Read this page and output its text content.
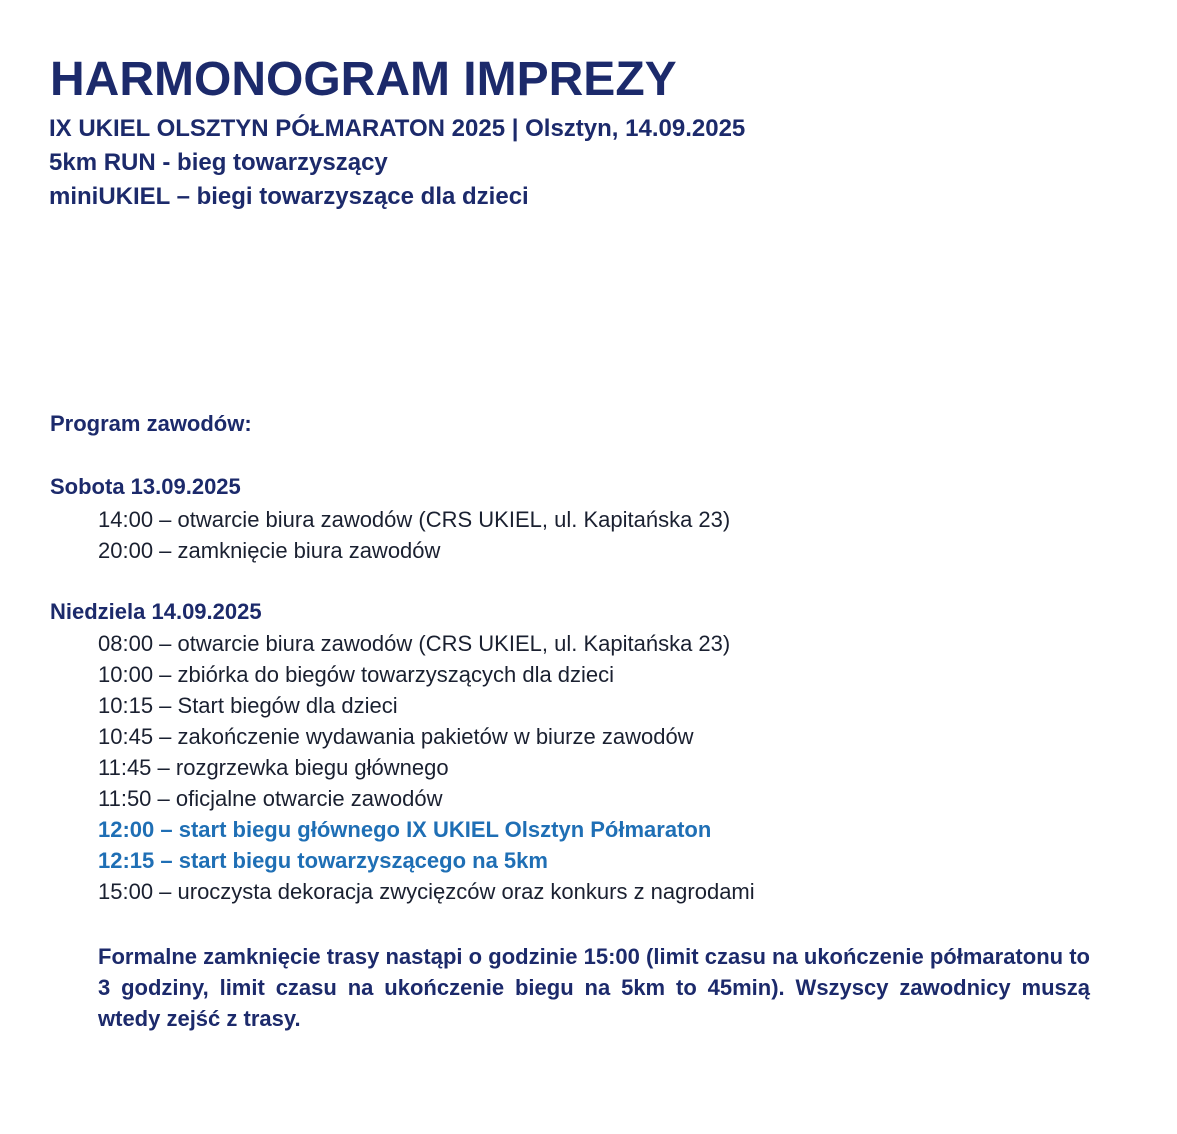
HARMONOGRAM IMPREZY
IX UKIEL OLSZTYN PÓŁMARATON 2025 | Olsztyn, 14.09.2025
5km RUN - bieg towarzyszący
miniUKIEL – biegi towarzyszące dla dzieci
Program zawodów:
Sobota 13.09.2025
14:00 – otwarcie biura zawodów (CRS UKIEL, ul. Kapitańska 23)
20:00 – zamknięcie biura zawodów
Niedziela 14.09.2025
08:00 – otwarcie biura zawodów (CRS UKIEL, ul. Kapitańska 23)
10:00 – zbiórka do biegów towarzyszących dla dzieci
10:15 – Start biegów dla dzieci
10:45 – zakończenie wydawania pakietów w biurze zawodów
11:45 – rozgrzewka biegu głównego
11:50 – oficjalne otwarcie zawodów
12:00 – start biegu głównego IX UKIEL Olsztyn Półmaraton
12:15 – start biegu towarzyszącego na 5km
15:00 – uroczysta dekoracja zwycięzców oraz konkurs z nagrodami

Formalne zamknięcie trasy nastąpi o godzinie 15:00 (limit czasu na ukończenie półmaratonu to 3 godziny, limit czasu na ukończenie biegu na 5km to 45min). Wszyscy zawodnicy muszą wtedy zejść z trasy.
